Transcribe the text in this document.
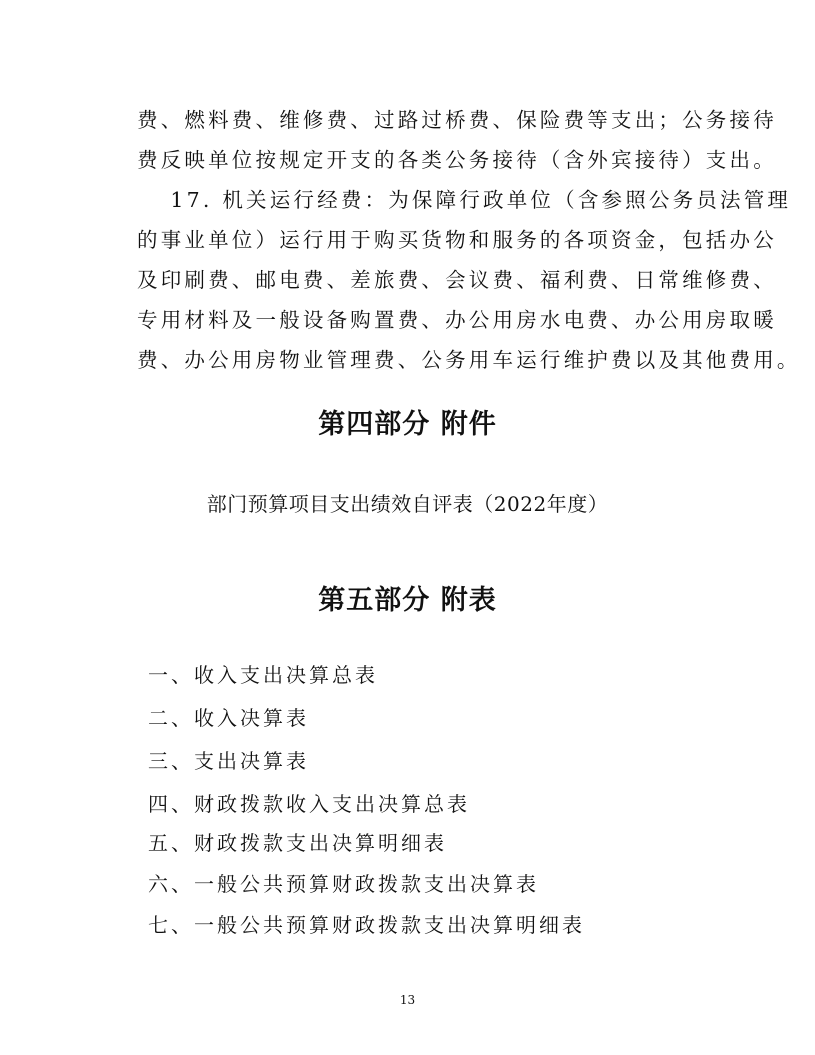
费、燃料费、维修费、过路过桥费、保险费等支出；公务接待
费反映单位按规定开支的各类公务接待（含外宾接待）支出。
　 17. 机关运行经费：为保障行政单位（含参照公务员法管理
的事业单位）运行用于购买货物和服务的各项资金，包括办公
及印刷费、邮电费、差旅费、会议费、福利费、日常维修费、
专用材料及一般设备购置费、办公用房水电费、办公用房取暖
费、办公用房物业管理费、公务用车运行维护费以及其他费用。
第四部分 附件
部门预算项目支出绩效自评表（2022年度）
第五部分 附表
一、收入支出决算总表
二、收入决算表
三、支出决算表
四、财政拨款收入支出决算总表
五、财政拨款支出决算明细表
六、一般公共预算财政拨款支出决算表
七、一般公共预算财政拨款支出决算明细表
13
